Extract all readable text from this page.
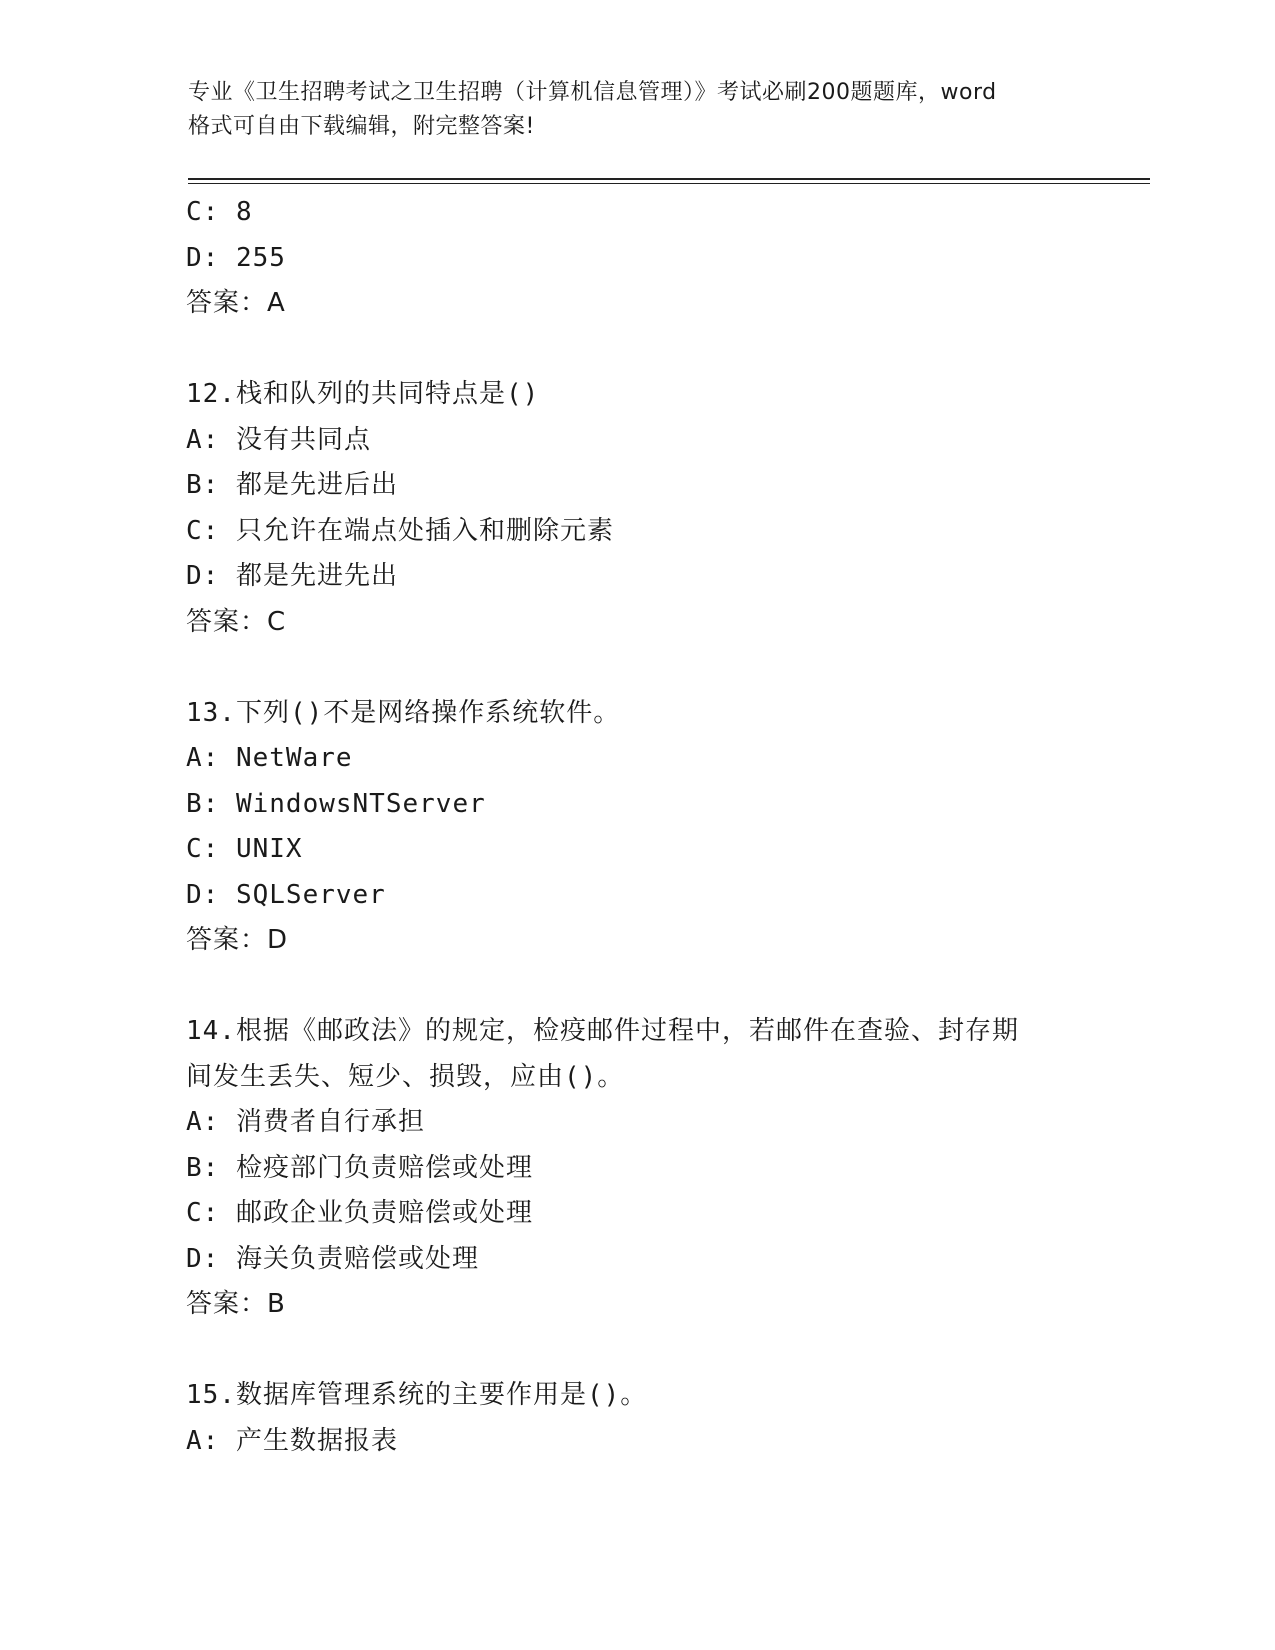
专业《卫生招聘考试之卫生招聘（计算机信息管理）》考试必刷200题题库，word
格式可自由下载编辑，附完整答案!
C: 8
D: 255
答案：A
12.栈和队列的共同特点是()
A: 没有共同点
B: 都是先进后出
C: 只允许在端点处插入和删除元素
D: 都是先进先出
答案：C
13.下列()不是网络操作系统软件。
A: NetWare
B: WindowsNTServer
C: UNIX
D: SQLServer
答案：D
14.根据《邮政法》的规定，检疫邮件过程中，若邮件在查验、封存期
间发生丢失、短少、损毁，应由()。
A: 消费者自行承担
B: 检疫部门负责赔偿或处理
C: 邮政企业负责赔偿或处理
D: 海关负责赔偿或处理
答案：B
15.数据库管理系统的主要作用是()。
A: 产生数据报表
